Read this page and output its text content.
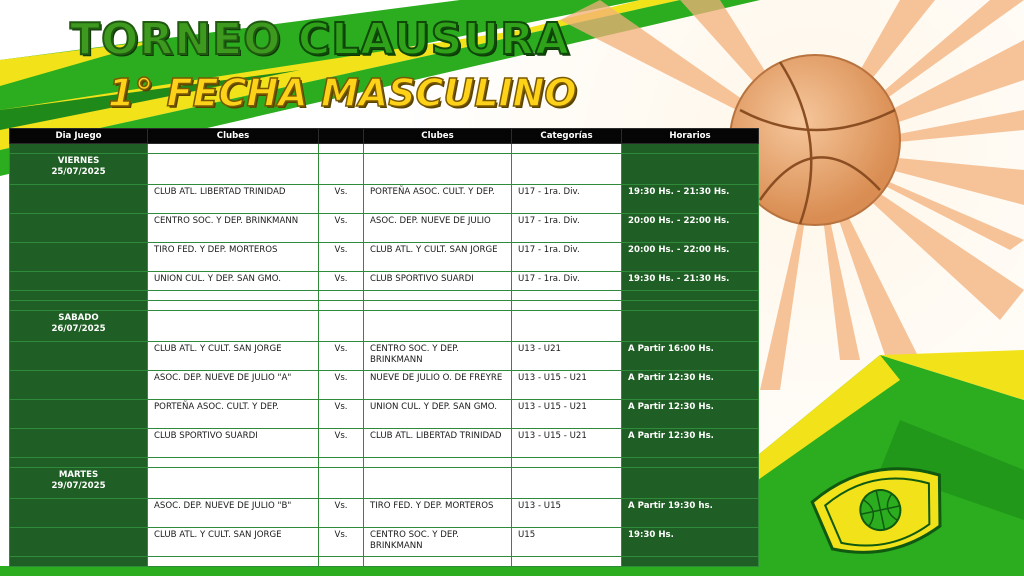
TORNEO CLAUSURA
1° FECHA MASCULINO
Dia Juego	Clubes		Clubes	Categorías	Horarios

VIERNES
25/07/2025					

	CLUB ATL. LIBERTAD TRINIDAD	Vs.	PORTEÑA ASOC. CULT. Y DEP.	U17 - 1ra. Div.	19:30 Hs. - 21:30 Hs.
	CENTRO SOC. Y DEP. BRINKMANN	Vs.	ASOC. DEP. NUEVE DE JULIO	U17 - 1ra. Div.	20:00 Hs. - 22:00 Hs.
	TIRO FED. Y DEP. MORTEROS	Vs.	CLUB ATL. Y CULT. SAN JORGE	U17 - 1ra. Div.	20:00 Hs. - 22:00 Hs.
	UNION CUL. Y DEP. SAN GMO.	Vs.	CLUB SPORTIVO SUARDI	U17 - 1ra. Div.	19:30 Hs. - 21:30 Hs.

SABADO
26/07/2025					

	CLUB ATL. Y CULT. SAN JORGE	Vs.	CENTRO SOC. Y DEP. BRINKMANN	U13 - U21	A Partir 16:00 Hs.
	ASOC. DEP. NUEVE DE JULIO "A"	Vs.	NUEVE DE JULIO O. DE FREYRE	U13 - U15 - U21	A Partir 12:30 Hs.
	PORTEÑA ASOC. CULT. Y DEP.	Vs.	UNION CUL. Y DEP. SAN GMO.	U13 - U15 - U21	A Partir 12:30 Hs.
	CLUB SPORTIVO SUARDI	Vs.	CLUB ATL. LIBERTAD TRINIDAD	U13 - U15 - U21	A Partir 12:30 Hs.

MARTES
29/07/2025					

	ASOC. DEP. NUEVE DE JULIO "B"	Vs.	TIRO FED. Y DEP. MORTEROS	U13 - U15	A Partir 19:30 hs.
	CLUB ATL. Y CULT. SAN JORGE	Vs.	CENTRO SOC. Y DEP. BRINKMANN	U15	19:30 Hs.
